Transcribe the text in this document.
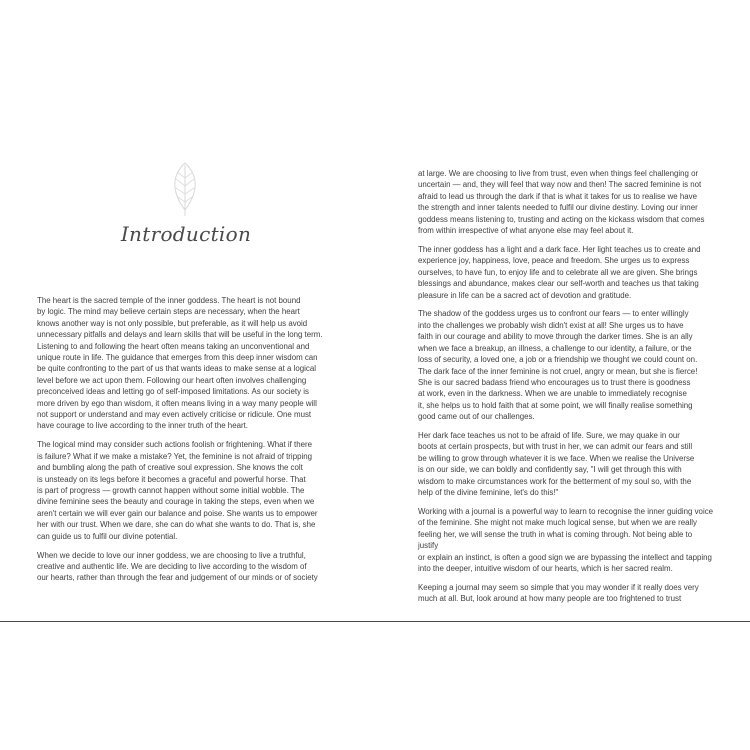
Introduction

The heart is the sacred temple of the inner goddess. The heart is not bound
by logic. The mind may believe certain steps are necessary, when the heart
knows another way is not only possible, but preferable, as it will help us avoid
unnecessary pitfalls and delays and learn skills that will be useful in the long term.
Listening to and following the heart often means taking an unconventional and
unique route in life. The guidance that emerges from this deep inner wisdom can
be quite confronting to the part of us that wants ideas to make sense at a logical
level before we act upon them. Following our heart often involves challenging
preconceived ideas and letting go of self-imposed limitations. As our society is
more driven by ego than wisdom, it often means living in a way many people will
not support or understand and may even actively criticise or ridicule. One must
have courage to live according to the inner truth of the heart.

The logical mind may consider such actions foolish or frightening. What if there
is failure? What if we make a mistake? Yet, the feminine is not afraid of tripping
and bumbling along the path of creative soul expression. She knows the colt
is unsteady on its legs before it becomes a graceful and powerful horse. That
is part of progress — growth cannot happen without some initial wobble. The
divine feminine sees the beauty and courage in taking the steps, even when we
aren't certain we will ever gain our balance and poise. She wants us to empower
her with our trust. When we dare, she can do what she wants to do. That is, she
can guide us to fulfil our divine potential.

When we decide to love our inner goddess, we are choosing to live a truthful,
creative and authentic life. We are deciding to live according to the wisdom of
our hearts, rather than through the fear and judgement of our minds or of society

at large. We are choosing to live from trust, even when things feel challenging or
uncertain — and, they will feel that way now and then! The sacred feminine is not
afraid to lead us through the dark if that is what it takes for us to realise we have
the strength and inner talents needed to fulfil our divine destiny. Loving our inner
goddess means listening to, trusting and acting on the kickass wisdom that comes
from within irrespective of what anyone else may feel about it.

The inner goddess has a light and a dark face. Her light teaches us to create and
experience joy, happiness, love, peace and freedom. She urges us to express
ourselves, to have fun, to enjoy life and to celebrate all we are given. She brings
blessings and abundance, makes clear our self-worth and teaches us that taking
pleasure in life can be a sacred act of devotion and gratitude.

The shadow of the goddess urges us to confront our fears — to enter willingly
into the challenges we probably wish didn't exist at all! She urges us to have
faith in our courage and ability to move through the darker times. She is an ally
when we face a breakup, an illness, a challenge to our identity, a failure, or the
loss of security, a loved one, a job or a friendship we thought we could count on.
The dark face of the inner feminine is not cruel, angry or mean, but she is fierce!
She is our sacred badass friend who encourages us to trust there is goodness
at work, even in the darkness. When we are unable to immediately recognise
it, she helps us to hold faith that at some point, we will finally realise something
good came out of our challenges.

Her dark face teaches us not to be afraid of life. Sure, we may quake in our
boots at certain prospects, but with trust in her, we can admit our fears and still
be willing to grow through whatever it is we face. When we realise the Universe
is on our side, we can boldly and confidently say, "I will get through this with
wisdom to make circumstances work for the betterment of my soul so, with the
help of the divine feminine, let's do this!"

Working with a journal is a powerful way to learn to recognise the inner guiding voice
of the feminine. She might not make much logical sense, but when we are really
feeling her, we will sense the truth in what is coming through. Not being able to justify
or explain an instinct, is often a good sign we are bypassing the intellect and tapping
into the deeper, intuitive wisdom of our hearts, which is her sacred realm.

Keeping a journal may seem so simple that you may wonder if it really does very
much at all. But, look around at how many people are too frightened to trust
